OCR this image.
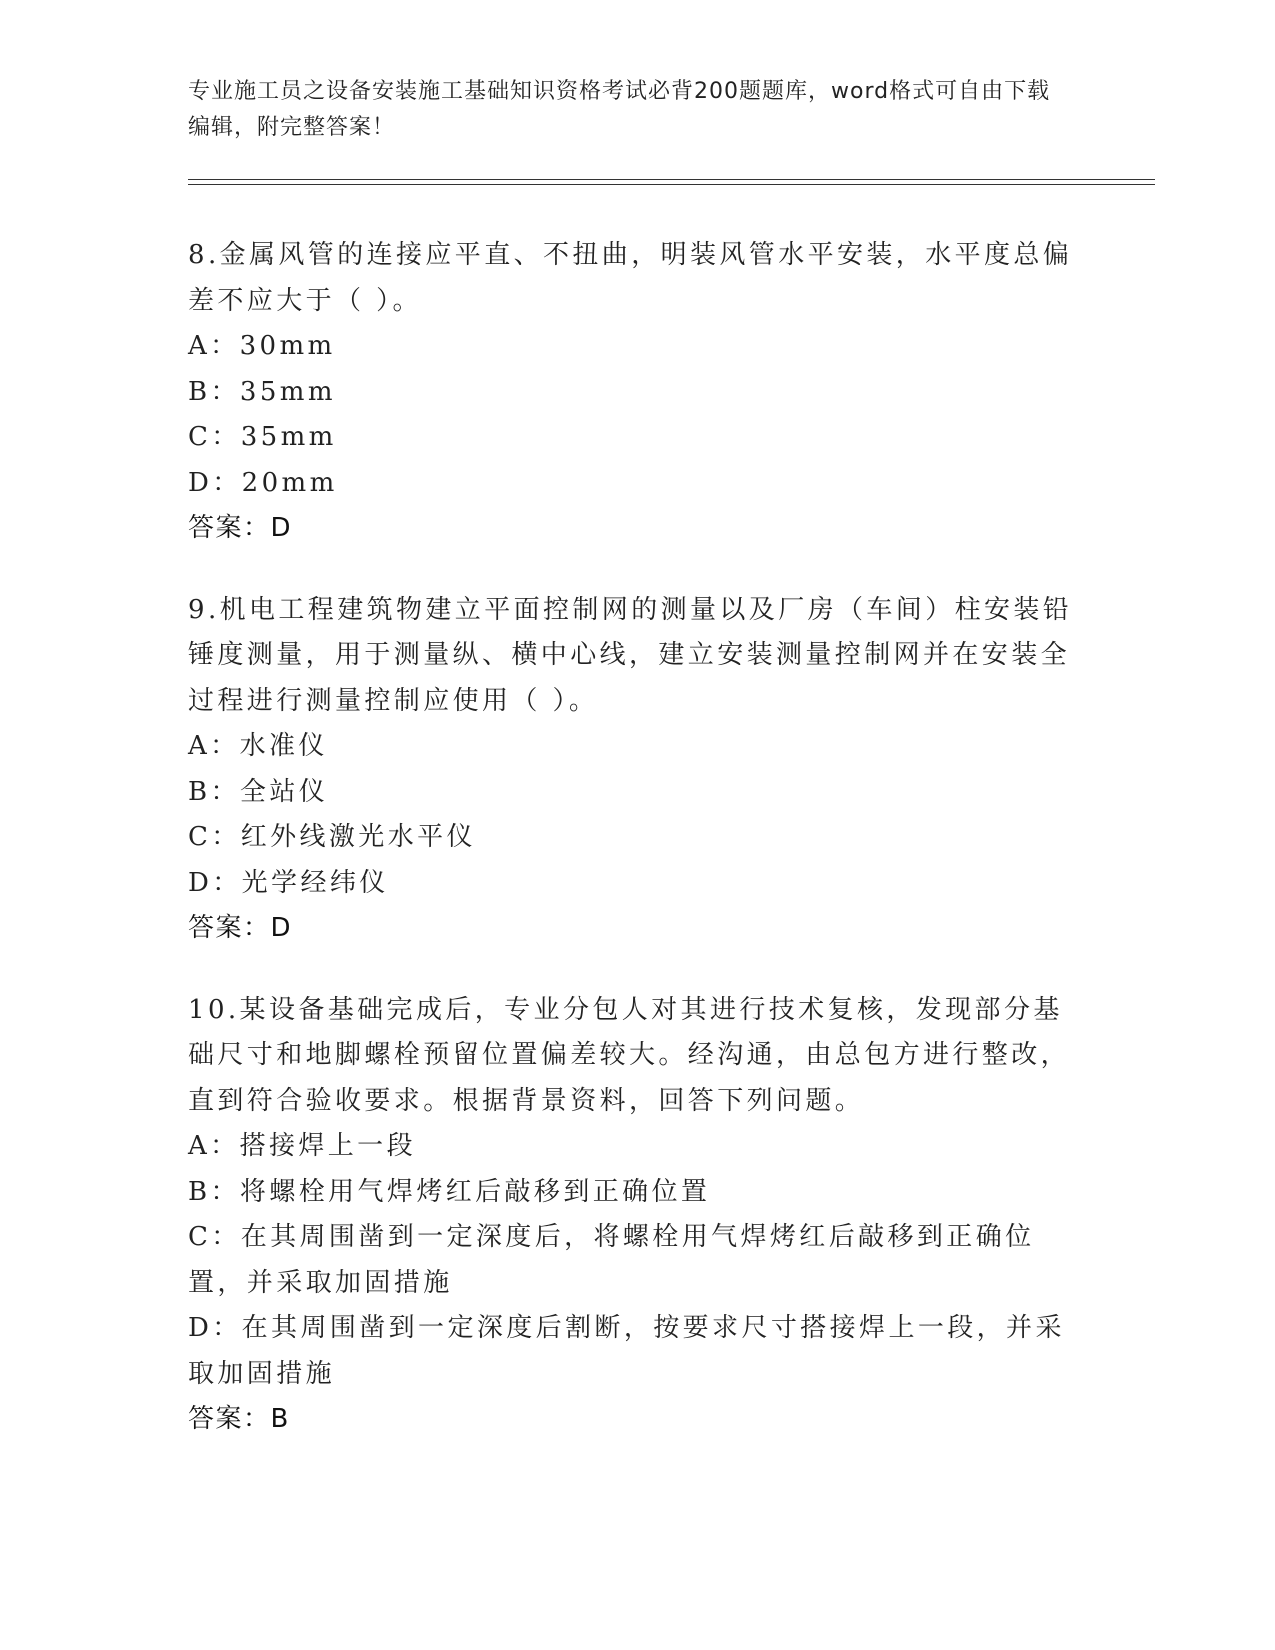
专业施工员之设备安装施工基础知识资格考试必背200题题库，word格式可自由下载编辑，附完整答案！

8.金属风管的连接应平直、不扭曲，明装风管水平安装，水平度总偏差不应大于（ ）。

A：30mm

B：35mm

C：35mm

D：20mm

答案：D

9.机电工程建筑物建立平面控制网的测量以及厂房（车间）柱安装铅锤度测量，用于测量纵、横中心线，建立安装测量控制网并在安装全过程进行测量控制应使用（ ）。

A：水准仪

B：全站仪

C：红外线激光水平仪

D：光学经纬仪

答案：D

10.某设备基础完成后，专业分包人对其进行技术复核，发现部分基础尺寸和地脚螺栓预留位置偏差较大。经沟通，由总包方进行整改，直到符合验收要求。根据背景资料，回答下列问题。

A：搭接焊上一段

B：将螺栓用气焊烤红后敲移到正确位置

C：在其周围凿到一定深度后，将螺栓用气焊烤红后敲移到正确位置，并采取加固措施

D：在其周围凿到一定深度后割断，按要求尺寸搭接焊上一段，并采取加固措施

答案：B
